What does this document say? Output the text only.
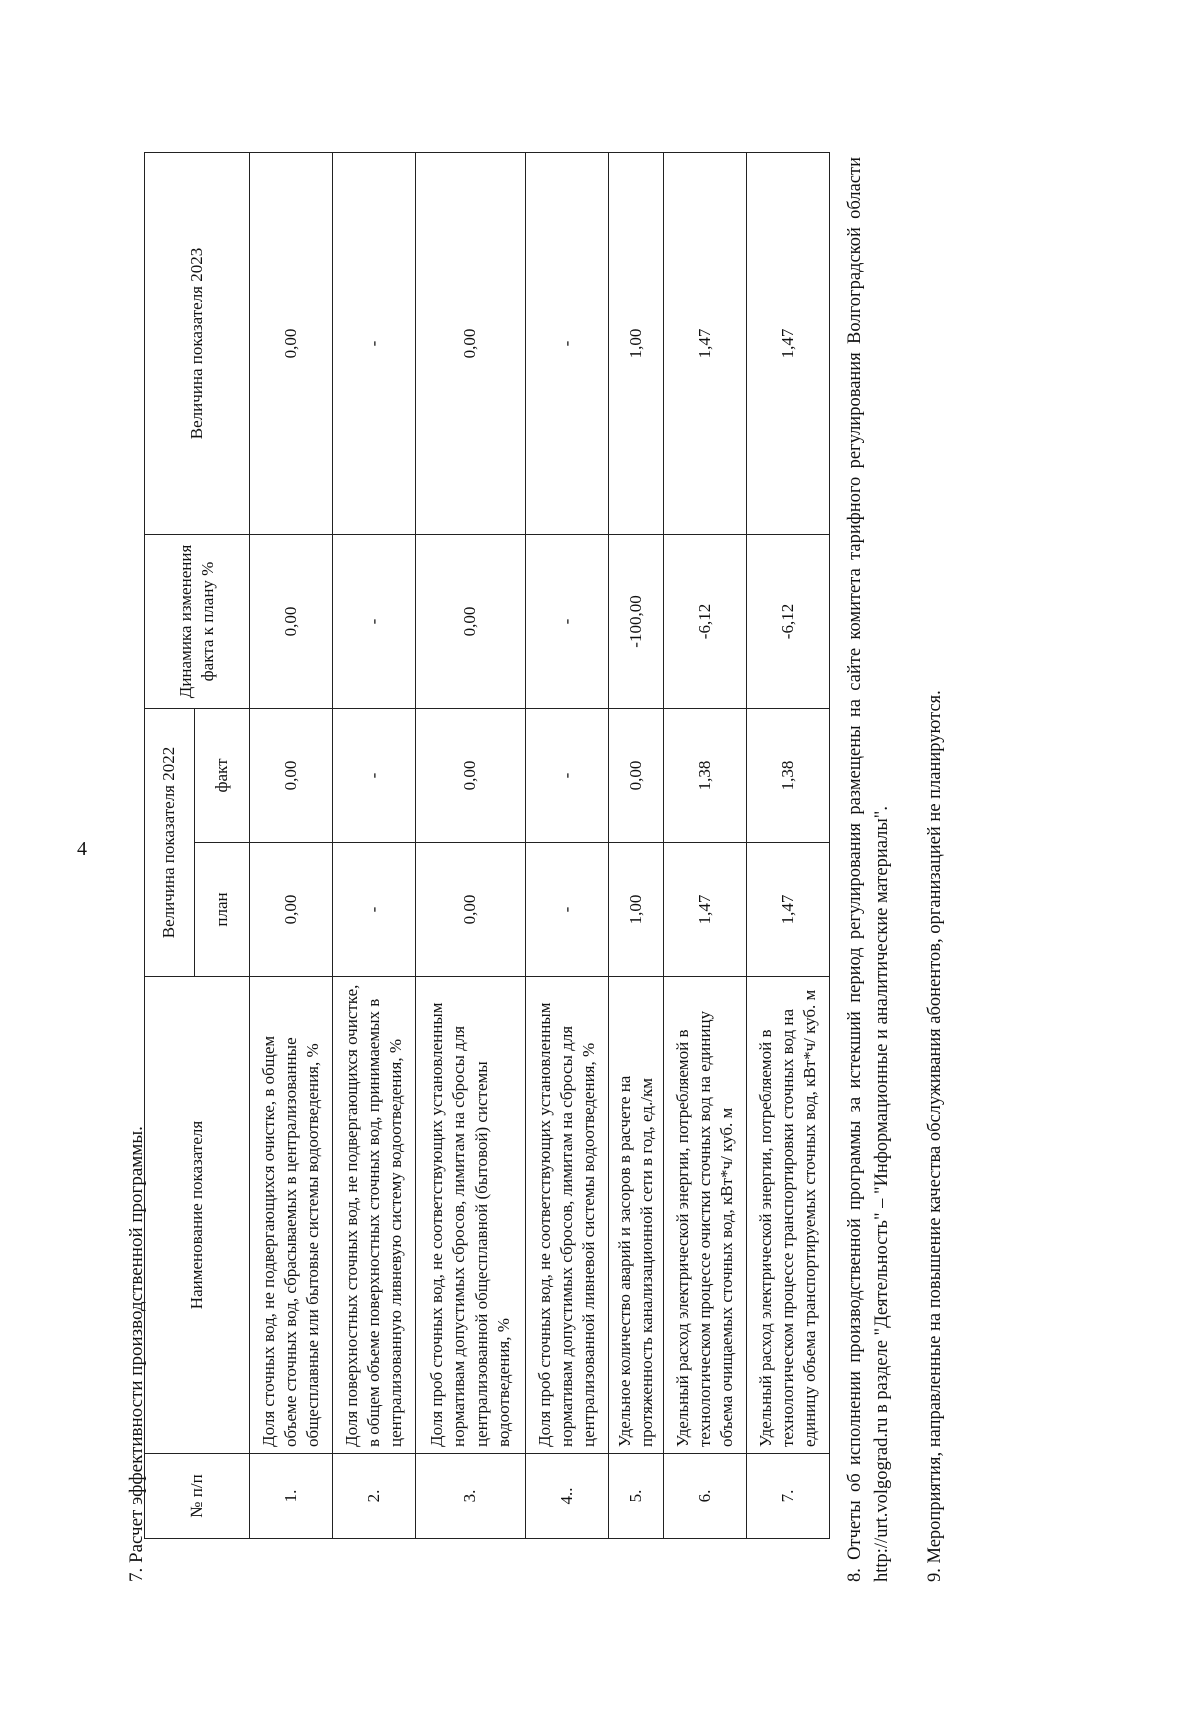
4
7. Расчет эффективности производственной программы. № п/п	Наименование показателя	Величина показателя 2022		Динамика изменения факта к плану %	Величина показателя 2023
		план	факт		
1.	Доля сточных вод, не подвергающихся очистке, в общем объеме сточных вод, сбрасываемых в централизованные общесплавные или бытовые системы водоотведения, %	0,00	0,00	0,00	0,00
2.	Доля поверхностных сточных вод, не подвергающихся очистке, в общем объеме поверхностных сточных вод, принимаемых в централизованную ливневую систему водоотведения, %	-	-	-	-
3.	Доля проб сточных вод, не соответствующих установленным нормативам допустимых сбросов, лимитам на сбросы для централизованной общесплавной (бытовой) системы водоотведения, %	0,00	0,00	0,00	0,00
4..	Доля проб сточных вод, не соответствующих установленным нормативам допустимых сбросов, лимитам на сбросы для централизованной ливневой системы водоотведения, %	-	-	-	-
5.	Удельное количество аварий и засоров в расчете на протяженность канализационной сети в год, ед./км	1,00	0,00	-100,00	1,00
6.	Удельный расход электрической энергии, потребляемой в технологическом процессе очистки сточных вод на единицу объема очищаемых сточных вод, кВт*ч/ куб. м	1,47	1,38	-6,12	1,47
7.	Удельный расход электрической энергии, потребляемой в технологическом процессе транспортировки сточных вод на единицу объема транспортируемых сточных вод, кВт*ч/ куб. м	1,47	1,38	-6,12	1,47	8. Отчеты об исполнении производственной программы за истекший период регулирования размещены на сайте комитета тарифного регулирования Волгоградской области http://urt.volgograd.ru в разделе "Деятельность" – "Информационные и аналитические материалы". 9. Мероприятия, направленные на повышение качества обслуживания абонентов, организацией не планируются.
